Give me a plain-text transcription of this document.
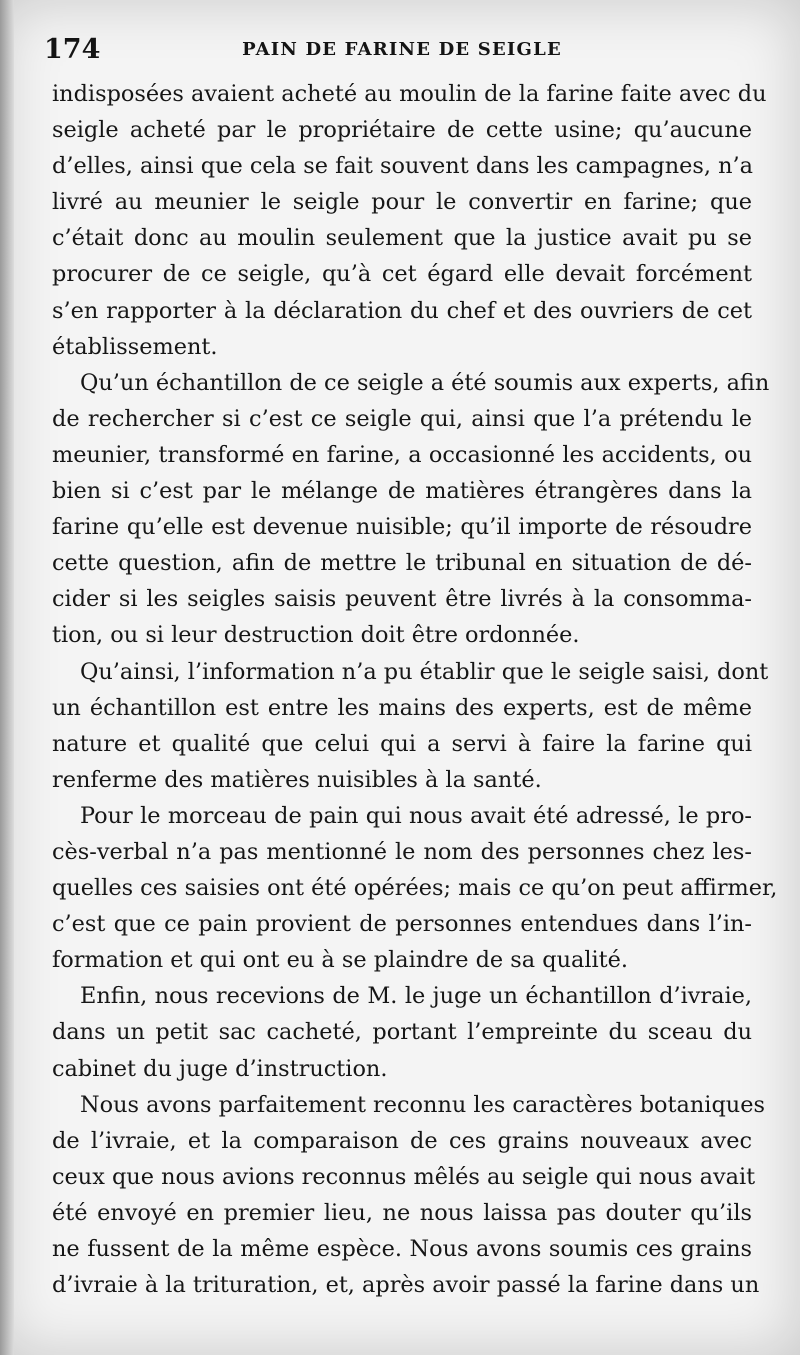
174	PAIN DE FARINE DE SEIGLE
indisposées avaient acheté au moulin de la farine faite avec du
seigle acheté par le propriétaire de cette usine; qu’aucune
d’elles, ainsi que cela se fait souvent dans les campagnes, n’a
livré au meunier le seigle pour le convertir en farine; que
c’était donc au moulin seulement que la justice avait pu se
procurer de ce seigle, qu’à cet égard elle devait forcément
s’en rapporter à la déclaration du chef et des ouvriers de cet
établissement.
Qu’un échantillon de ce seigle a été soumis aux experts, afin
de rechercher si c’est ce seigle qui, ainsi que l’a prétendu le
meunier, transformé en farine, a occasionné les accidents, ou
bien si c’est par le mélange de matières étrangères dans la
farine qu’elle est devenue nuisible; qu’il importe de résoudre
cette question, afin de mettre le tribunal en situation de dé-
cider si les seigles saisis peuvent être livrés à la consomma-
tion, ou si leur destruction doit être ordonnée.
Qu’ainsi, l’information n’a pu établir que le seigle saisi, dont
un échantillon est entre les mains des experts, est de même
nature et qualité que celui qui a servi à faire la farine qui
renferme des matières nuisibles à la santé.
Pour le morceau de pain qui nous avait été adressé, le pro-
cès-verbal n’a pas mentionné le nom des personnes chez les-
quelles ces saisies ont été opérées; mais ce qu’on peut affirmer,
c’est que ce pain provient de personnes entendues dans l’in-
formation et qui ont eu à se plaindre de sa qualité.
Enfin, nous recevions de M. le juge un échantillon d’ivraie,
dans un petit sac cacheté, portant l’empreinte du sceau du
cabinet du juge d’instruction.
Nous avons parfaitement reconnu les caractères botaniques
de l’ivraie, et la comparaison de ces grains nouveaux avec
ceux que nous avions reconnus mêlés au seigle qui nous avait
été envoyé en premier lieu, ne nous laissa pas douter qu’ils
ne fussent de la même espèce. Nous avons soumis ces grains
d’ivraie à la trituration, et, après avoir passé la farine dans un
